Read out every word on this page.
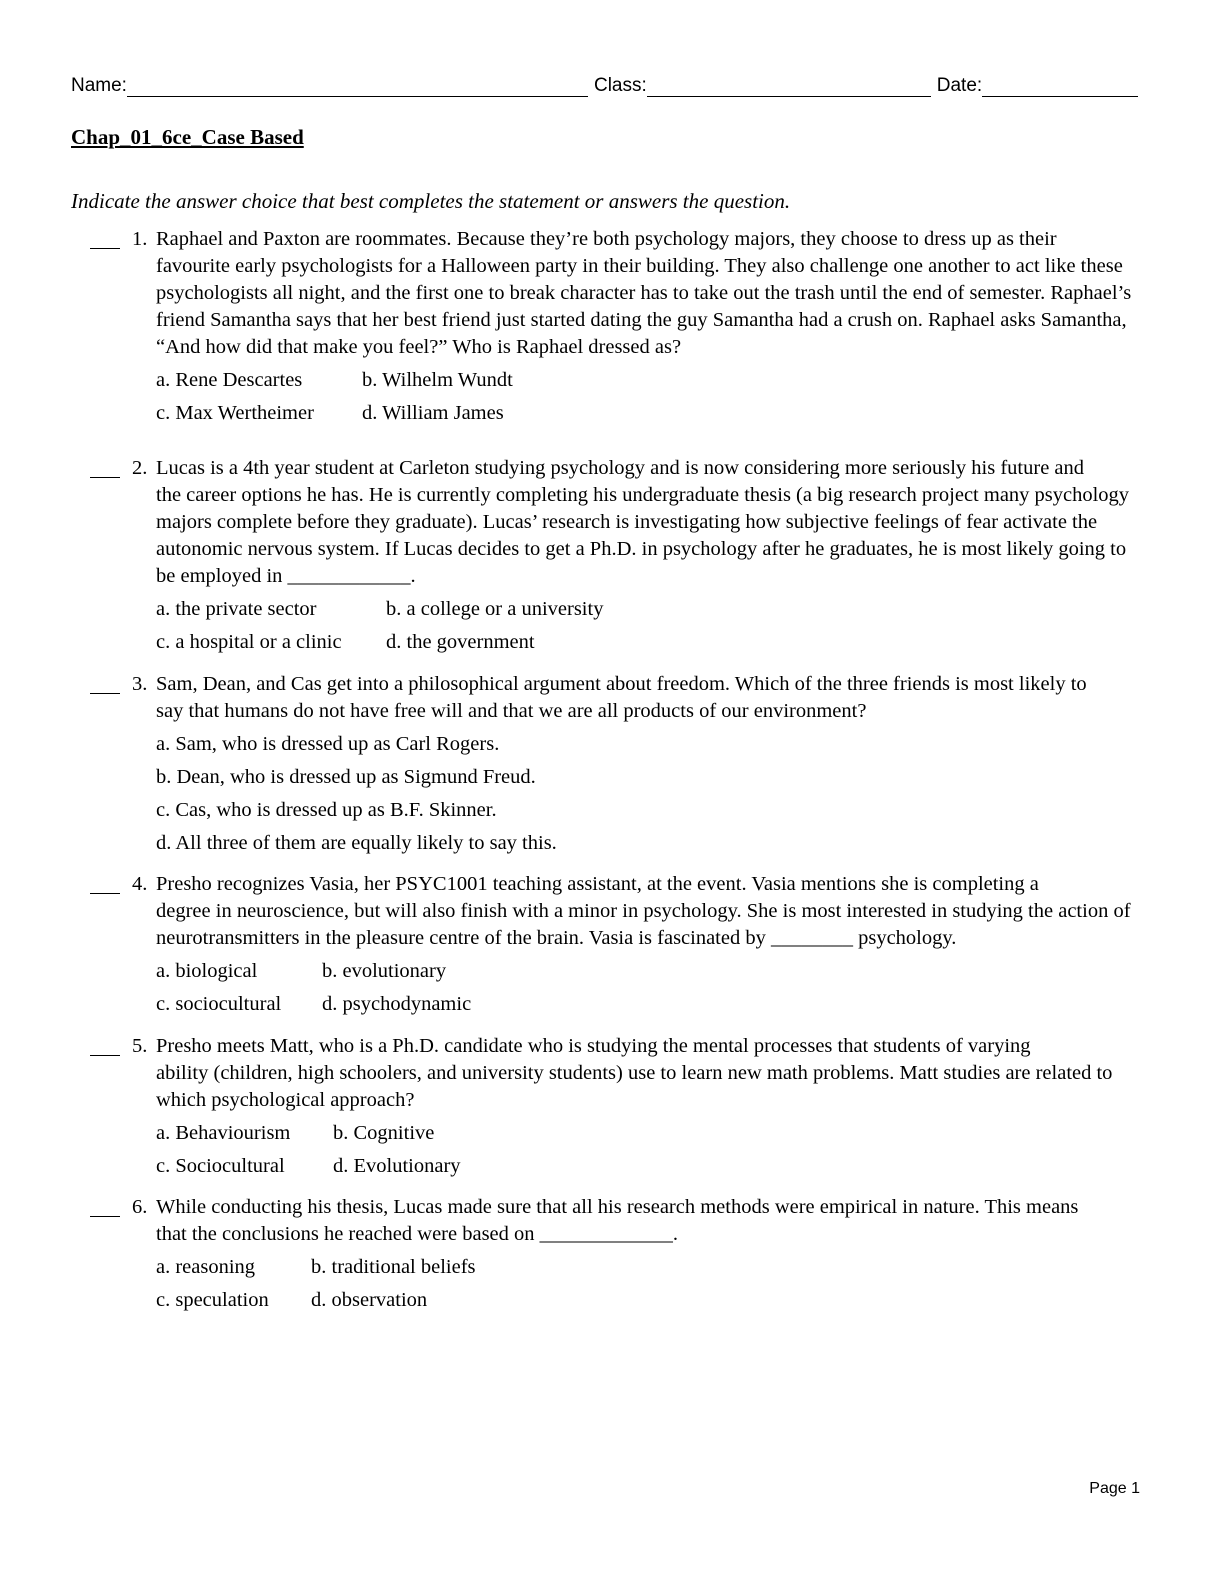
Name:	Class:	Date:
Chap_01_6ce_Case Based
Indicate the answer choice that best completes the statement or answers the question.
1. Raphael and Paxton are roommates. Because they’re both psychology majors, they choose to dress up as their
favourite early psychologists for a Halloween party in their building. They also challenge one another to act like these psychologists all night, and the first one to break character has to take out the trash until the end of semester. Raphael’s friend Samantha says that her best friend just started dating the guy Samantha had a crush on. Raphael asks Samantha, “And how did that make you feel?” Who is Raphael dressed as?
a. Rene Descartes	b. Wilhelm Wundt
c. Max Wertheimer	d. William James
2. Lucas is a 4th year student at Carleton studying psychology and is now considering more seriously his future and
the career options he has. He is currently completing his undergraduate thesis (a big research project many psychology majors complete before they graduate). Lucas’ research is investigating how subjective feelings of fear activate the autonomic nervous system. If Lucas decides to get a Ph.D. in psychology after he graduates, he is most likely going to be employed in ____________.
a. the private sector	b. a college or a university
c. a hospital or a clinic	d. the government
3. Sam, Dean, and Cas get into a philosophical argument about freedom. Which of the three friends is most likely to
say that humans do not have free will and that we are all products of our environment?
a. Sam, who is dressed up as Carl Rogers.
b. Dean, who is dressed up as Sigmund Freud.
c. Cas, who is dressed up as B.F. Skinner.
d. All three of them are equally likely to say this.
4. Presho recognizes Vasia, her PSYC1001 teaching assistant, at the event. Vasia mentions she is completing a
degree in neuroscience, but will also finish with a minor in psychology. She is most interested in studying the action of neurotransmitters in the pleasure centre of the brain. Vasia is fascinated by ________ psychology.
a. biological	b. evolutionary
c. sociocultural	d. psychodynamic
5. Presho meets Matt, who is a Ph.D. candidate who is studying the mental processes that students of varying
ability (children, high schoolers, and university students) use to learn new math problems. Matt studies are related to which psychological approach?
a. Behaviourism	b. Cognitive
c. Sociocultural	d. Evolutionary
6. While conducting his thesis, Lucas made sure that all his research methods were empirical in nature. This means
that the conclusions he reached were based on _____________.
a. reasoning	b. traditional beliefs
c. speculation	d. observation
Page 1
